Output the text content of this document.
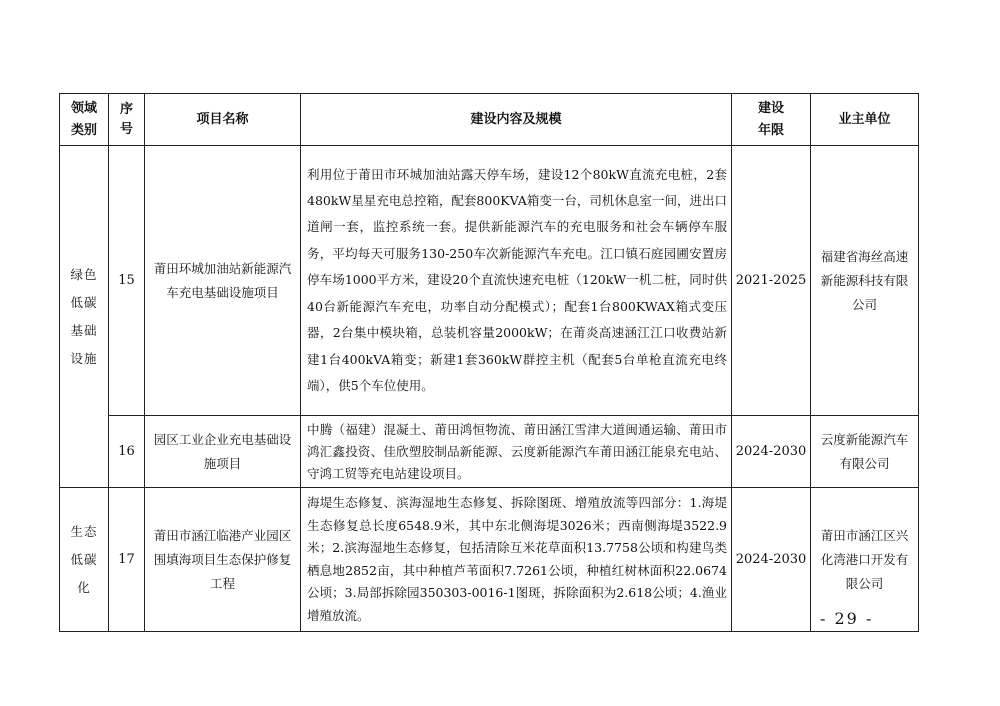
领域类别	序号	项目名称	建设内容及规模	建设年限	业主单位

绿色低碳基础设施	15	莆田环城加油站新能源汽车充电基础设施项目	利用位于莆田市环城加油站露天停车场，建设12个80kW直流充电桩，2套480kW星星充电总控箱，配套800KVA箱变一台，司机休息室一间，进出口道闸一套，监控系统一套。提供新能源汽车的充电服务和社会车辆停车服务，平均每天可服务130-250车次新能源汽车充电。江口镇石庭园圃安置房停车场1000平方米，建设20个直流快速充电桩（120kW一机二桩，同时供40台新能源汽车充电，功率自动分配模式）；配套1台800KWAX箱式变压器，2台集中模块箱，总装机容量2000kW；在莆炎高速涵江江口收费站新建1台400kVA箱变；新建1套360kW群控主机（配套5台单枪直流充电终端），供5个车位使用。	2021-2025	福建省海丝高速新能源科技有限公司
	16	园区工业企业充电基础设施项目	中腾（福建）混凝土、莆田鸿恒物流、莆田涵江雪津大道闽通运输、莆田市鸿汇鑫投资、佳欣塑胶制品新能源、云度新能源汽车莆田涵江能泉充电站、守鸿工贸等充电站建设项目。	2024-2030	云度新能源汽车有限公司

生态低碳化	17	莆田市涵江临港产业园区围填海项目生态保护修复工程	海堤生态修复、滨海湿地生态修复、拆除图斑、增殖放流等四部分：1.海堤生态修复总长度6548.9米，其中东北侧海堤3026米；西南侧海堤3522.9米；2.滨海湿地生态修复，包括清除互米花草面积13.7758公顷和构建鸟类栖息地2852亩，其中种植芦苇面积7.7261公顷，种植红树林面积22.0674公顷；3.局部拆除园350303-0016-1图斑，拆除面积为2.618公顷；4.渔业增殖放流。	2024-2030	莆田市涵江区兴化湾港口开发有限公司
- 29 -
